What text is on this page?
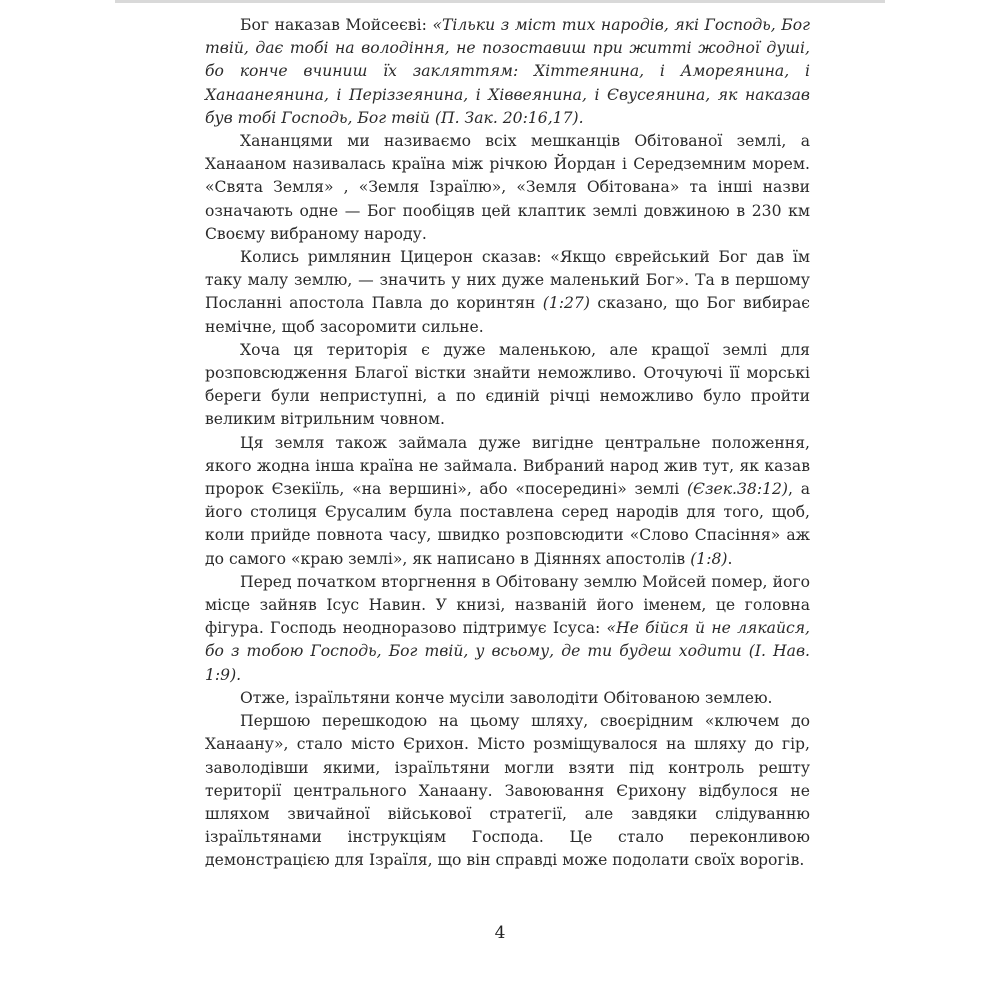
Бог наказав Мойсеєві: «Тільки з міст тих народів, які Господь, Бог твій, дає тобі на володіння, не позоставиш при житті жодної душі, бо конче вчиниш їх закляттям: Хіттеянина, і Амореянина, і Ханаанеянина, і Періззеянина, і Хіввеянина, і Євусеянина, як наказав був тобі Господь, Бог твій (П. Зак. 20:16,17).

Хананцями ми називаємо всіх мешканців Обітованої землі, а Ханааном називалась країна між річкою Йордан і Середземним морем. «Свята Земля» , «Земля Ізраїлю», «Земля Обітована» та інші назви означають одне — Бог пообіцяв цей клаптик землі довжиною в 230 км Своєму вибраному народу.

Колись римлянин Цицерон сказав: «Якщо єврейський Бог дав їм таку малу землю, — значить у них дуже маленький Бог». Та в першому Посланні апостола Павла до коринтян (1:27) сказано, що Бог вибирає немічне, щоб засоромити сильне.

Хоча ця територія є дуже маленькою, але кращої землі для розповсюдження Благої вістки знайти неможливо. Оточуючі її морські береги були неприступні, а по єдиній річці неможливо було пройти великим вітрильним човном.

Ця земля також займала дуже вигідне центральне положення, якого жодна інша країна не займала. Вибраний народ жив тут, як казав пророк Єзекіїль, «на вершині», або «посередині» землі (Єзек.38:12), а його столиця Єрусалим була поставлена серед народів для того, щоб, коли прийде повнота часу, швидко розповсюдити «Слово Спасіння» аж до самого «краю землі», як написано в Діяннях апостолів (1:8).

Перед початком вторгнення в Обітовану землю Мойсей помер, його місце зайняв Ісус Навин. У книзі, названій його іменем, це головна фігура. Господь неодноразово підтримує Ісуса: «Не бійся й не лякайся, бо з тобою Господь, Бог твій, у всьому, де ти будеш ходити (І. Нав. 1:9).

Отже, ізраїльтяни конче мусіли заволодіти Обітованою землею.

Першою перешкодою на цьому шляху, своєрідним «ключем до Ханаану», стало місто Єрихон. Місто розміщувалося на шляху до гір, заволодівши якими, ізраїльтяни могли взяти під контроль решту території центрального Ханаану. Завоювання Єрихону відбулося не шляхом звичайної військової стратегії, але завдяки слідуванню ізраїльтянами інструкціям Господа. Це стало переконливою демонстрацією для Ізраїля, що він справді може подолати своїх ворогів.

4
